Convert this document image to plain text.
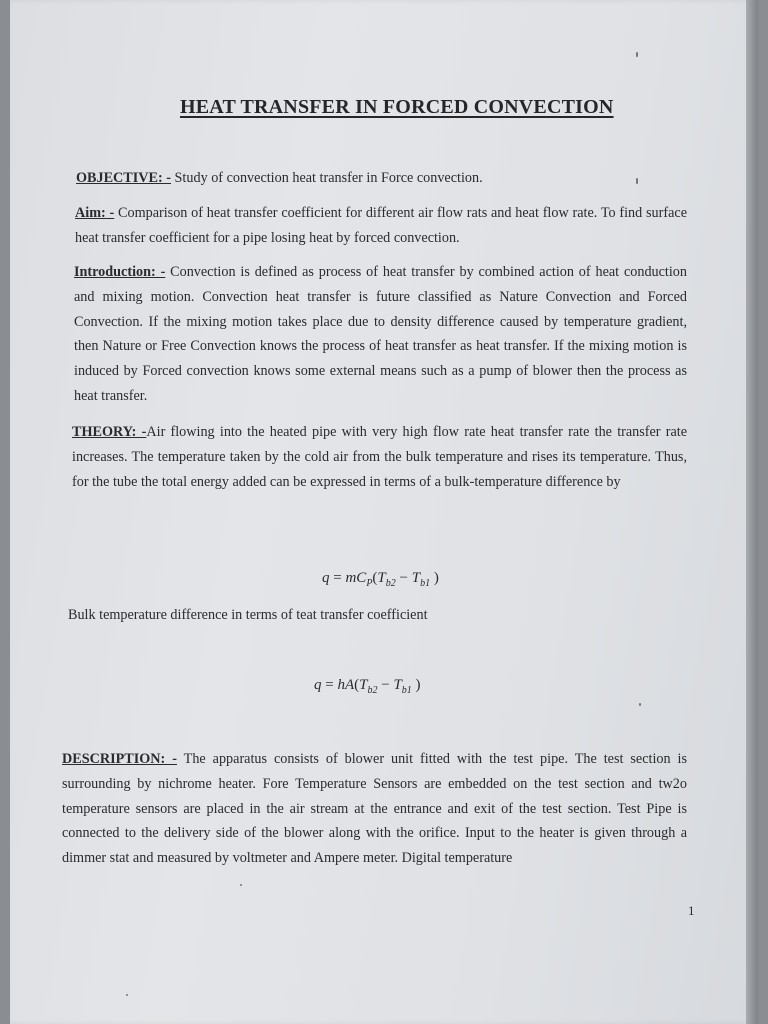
HEAT TRANSFER IN FORCED CONVECTION
OBJECTIVE: - Study of convection heat transfer in Force convection.
Aim: - Comparison of heat transfer coefficient for different air flow rats and heat flow rate. To find surface heat transfer coefficient for a pipe losing heat by forced convection.
Introduction: - Convection is defined as process of heat transfer by combined action of heat conduction and mixing motion. Convection heat transfer is future classified as Nature Convection and Forced Convection. If the mixing motion takes place due to density difference caused by temperature gradient, then Nature or Free Convection knows the process of heat transfer as heat transfer. If the mixing motion is induced by Forced convection knows some external means such as a pump of blower then the process as heat transfer.
THEORY: -Air flowing into the heated pipe with very high flow rate heat transfer rate the transfer rate increases. The temperature taken by the cold air from the bulk temperature and rises its temperature. Thus, for the tube the total energy added can be expressed in terms of a bulk-temperature difference by
$q = mC_P(T_{b2} - T_{b1}$ )
Bulk temperature difference in terms of teat transfer coefficient
$q = hA(T_{b2} - T_{b1}$ )
DESCRIPTION: - The apparatus consists of blower unit fitted with the test pipe. The test section is surrounding by nichrome heater. Fore Temperature Sensors are embedded on the test section and tw2o temperature sensors are placed in the air stream at the entrance and exit of the test section. Test Pipe is connected to the delivery side of the blower along with the orifice. Input to the heater is given through a dimmer stat and measured by voltmeter and Ampere meter. Digital temperature
1
